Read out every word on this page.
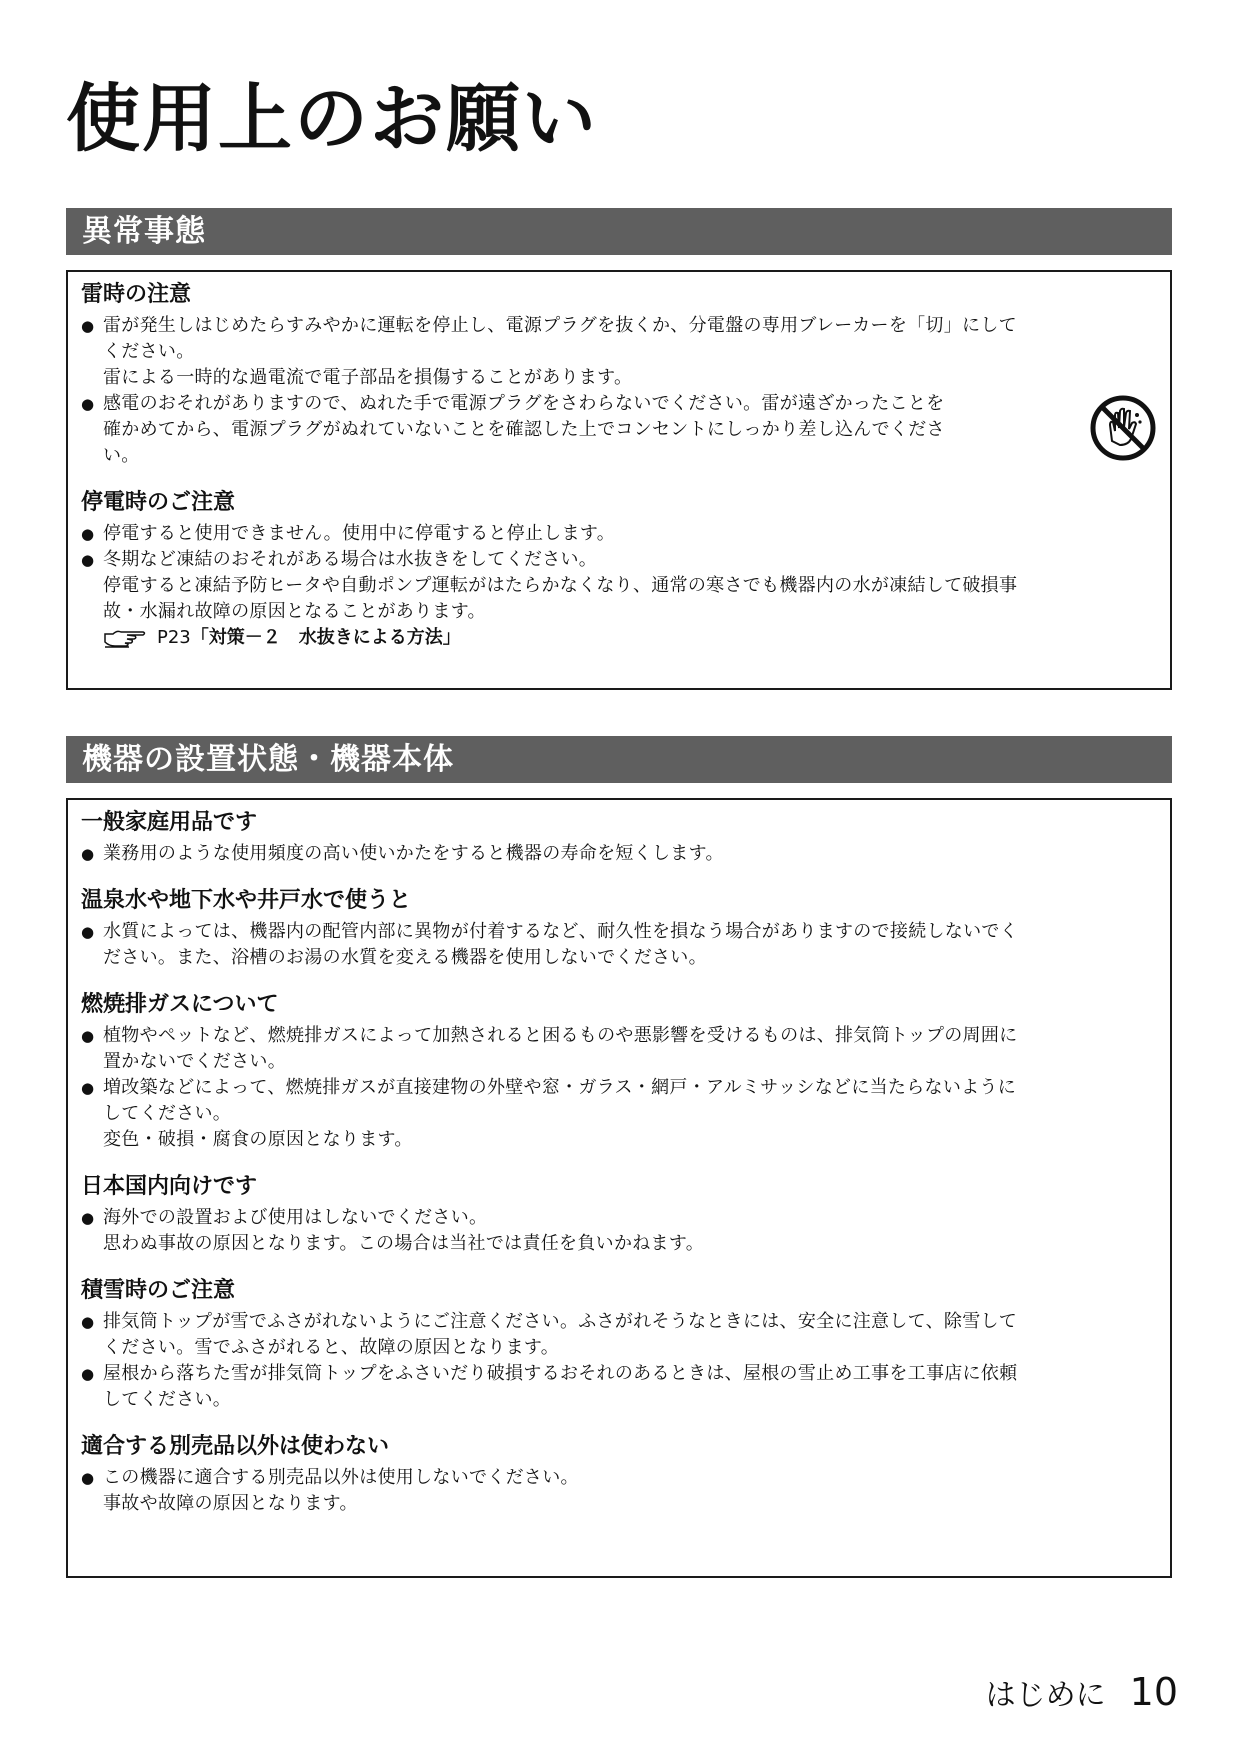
使用上のお願い
異常事態
雷時の注意
● 雷が発生しはじめたらすみやかに運転を停止し、電源プラグを抜くか、分電盤の専用ブレーカーを「切」にして
ください。
雷による一時的な過電流で電子部品を損傷することがあります。
● 感電のおそれがありますので、ぬれた手で電源プラグをさわらないでください。雷が遠ざかったことを
確かめてから、電源プラグがぬれていないことを確認した上でコンセントにしっかり差し込んでくださ
い。
停電時のご注意
● 停電すると使用できません。使用中に停電すると停止します。
● 冬期など凍結のおそれがある場合は水抜きをしてください。
停電すると凍結予防ヒータや自動ポンプ運転がはたらかなくなり、通常の寒さでも機器内の水が凍結して破損事
故・水漏れ故障の原因となることがあります。
P23 「対策－２　水抜きによる方法」
機器の設置状態・機器本体
一般家庭用品です
● 業務用のような使用頻度の高い使いかたをすると機器の寿命を短くします。
温泉水や地下水や井戸水で使うと
● 水質によっては、機器内の配管内部に異物が付着するなど、耐久性を損なう場合がありますので接続しないでく
ださい。また、浴槽のお湯の水質を変える機器を使用しないでください。
燃焼排ガスについて
● 植物やペットなど、燃焼排ガスによって加熱されると困るものや悪影響を受けるものは、排気筒トップの周囲に
置かないでください。
● 増改築などによって、燃焼排ガスが直接建物の外壁や窓・ガラス・網戸・アルミサッシなどに当たらないように
してください。
変色・破損・腐食の原因となります。
日本国内向けです
● 海外での設置および使用はしないでください。
思わぬ事故の原因となります。この場合は当社では責任を負いかねます。
積雪時のご注意
● 排気筒トップが雪でふさがれないようにご注意ください。ふさがれそうなときには、安全に注意して、除雪して
ください。雪でふさがれると、故障の原因となります。
● 屋根から落ちた雪が排気筒トップをふさいだり破損するおそれのあるときは、屋根の雪止め工事を工事店に依頼
してください。
適合する別売品以外は使わない
● この機器に適合する別売品以外は使用しないでください。
事故や故障の原因となります。
はじめに 10
